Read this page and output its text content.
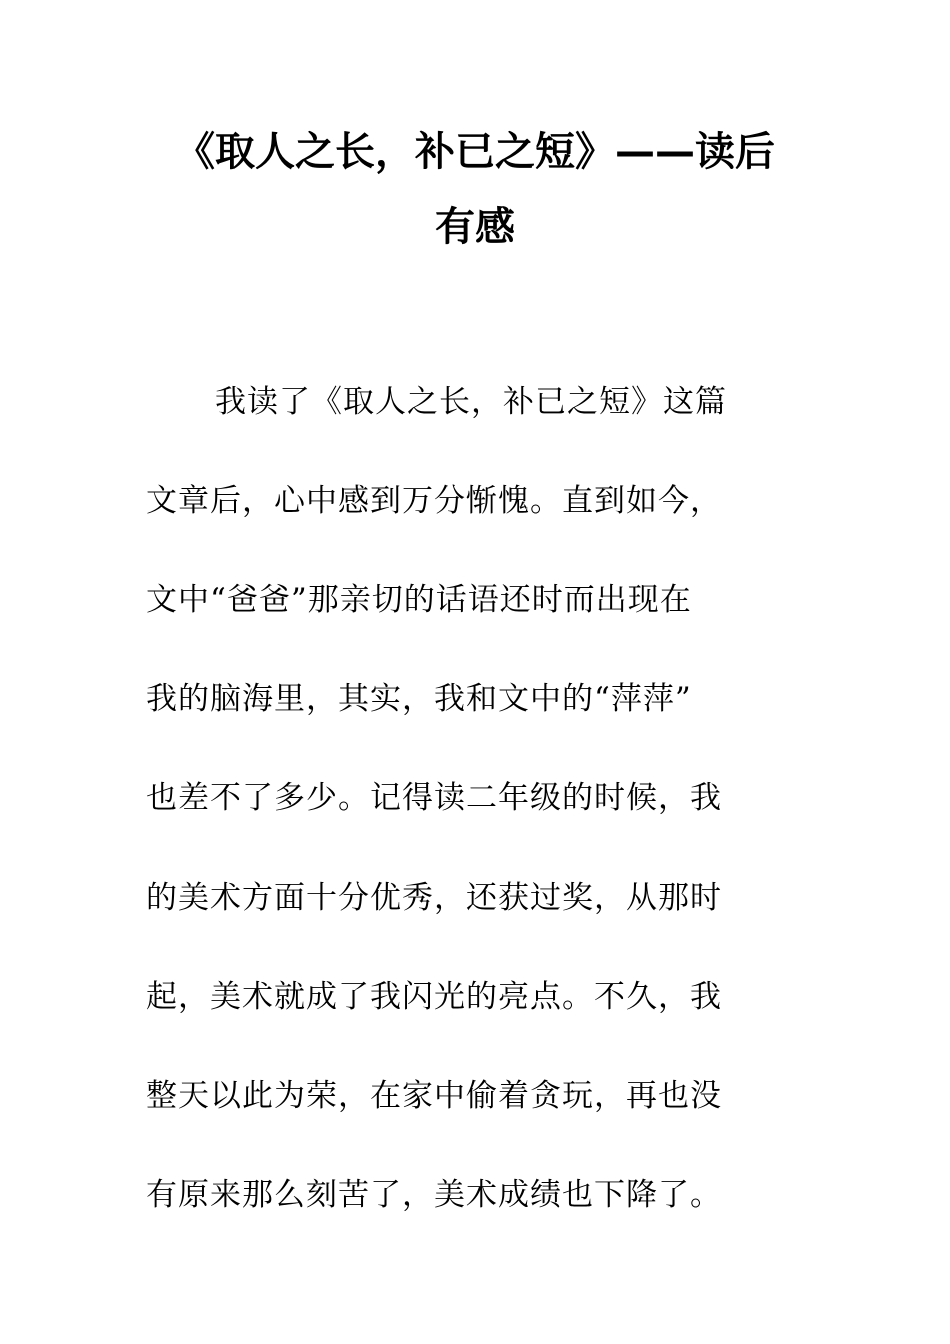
《取人之长，补已之短》——读后
有感
我读了《取人之长，补已之短》这篇
文章后，心中感到万分惭愧。直到如今，
文中“爸爸”那亲切的话语还时而出现在
我的脑海里，其实，我和文中的“萍萍”
也差不了多少。记得读二年级的时候，我
的美术方面十分优秀，还获过奖，从那时
起，美术就成了我闪光的亮点。不久，我
整天以此为荣，在家中偷着贪玩，再也没
有原来那么刻苦了，美术成绩也下降了。
